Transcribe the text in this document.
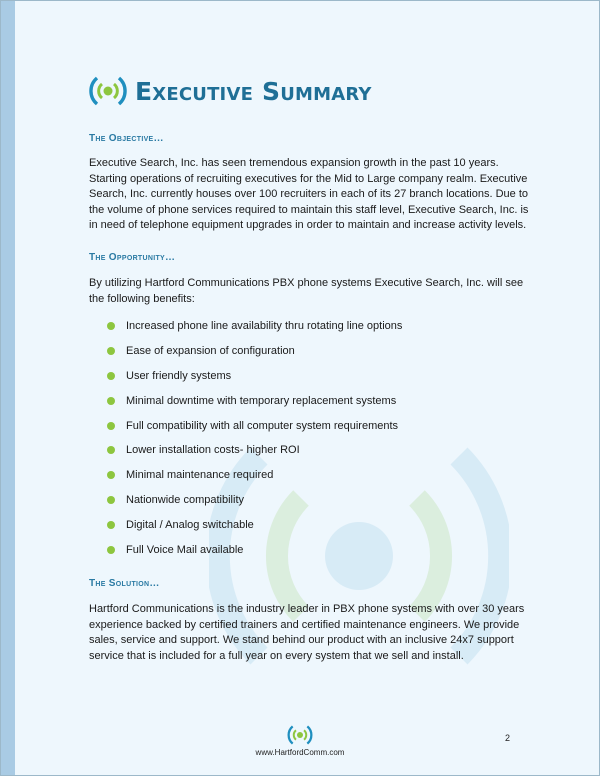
Executive Summary
The Objective…
Executive Search, Inc. has seen tremendous expansion growth in the past 10 years. Starting operations of recruiting executives for the Mid to Large company realm. Executive Search, Inc. currently houses over 100 recruiters in each of its 27 branch locations. Due to the volume of phone services required to maintain this staff level, Executive Search, Inc. is in need of telephone equipment upgrades in order to maintain and increase activity levels.
The Opportunity…
By utilizing Hartford Communications PBX phone systems Executive Search, Inc. will see the following benefits:
Increased phone line availability thru rotating line options
Ease of expansion of configuration
User friendly systems
Minimal downtime with temporary replacement systems
Full compatibility with all computer system requirements
Lower installation costs- higher ROI
Minimal maintenance required
Nationwide compatibility
Digital / Analog switchable
Full Voice Mail available
The Solution…
Hartford Communications is the industry leader in PBX phone systems with over 30 years experience backed by certified trainers and certified maintenance engineers. We provide sales, service and support. We stand behind our product with an inclusive 24x7 support service that is included for a full year on every system that we sell and install.
www.HartfordComm.com
2
